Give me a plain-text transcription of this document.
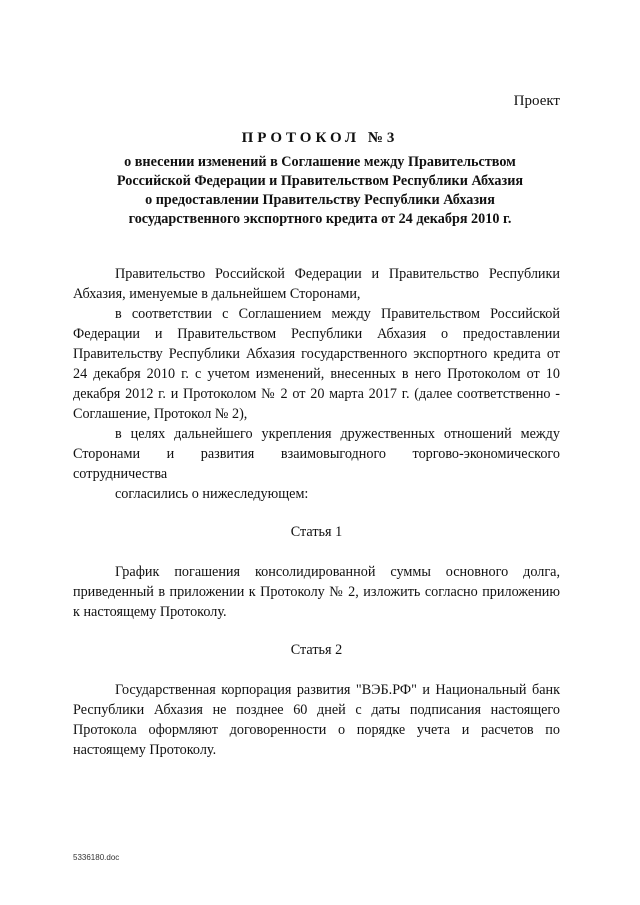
Проект
ПРОТОКОЛ №3
о внесении изменений в Соглашение между Правительством
Российской Федерации и Правительством Республики Абхазия
о предоставлении Правительству Республики Абхазия
государственного экспортного кредита от 24 декабря 2010 г.

Правительство Российской Федерации и Правительство Республики Абхазия, именуемые в дальнейшем Сторонами,

в соответствии с Соглашением между Правительством Российской Федерации и Правительством Республики Абхазия о предоставлении Правительству Республики Абхазия государственного экспортного кредита от 24 декабря 2010 г. с учетом изменений, внесенных в него Протоколом от 10 декабря 2012 г. и Протоколом № 2 от 20 марта 2017 г. (далее соответственно - Соглашение, Протокол № 2),

в целях дальнейшего укрепления дружественных отношений между Сторонами и развития взаимовыгодного торгово-экономического сотрудничества

согласились о нижеследующем:

Статья 1

График погашения консолидированной суммы основного долга, приведенный в приложении к Протоколу № 2, изложить согласно приложению к настоящему Протоколу.

Статья 2

Государственная корпорация развития "ВЭБ.РФ" и Национальный банк Республики Абхазия не позднее 60 дней с даты подписания настоящего Протокола оформляют договоренности о порядке учета и расчетов по настоящему Протоколу.

5336180.doc
